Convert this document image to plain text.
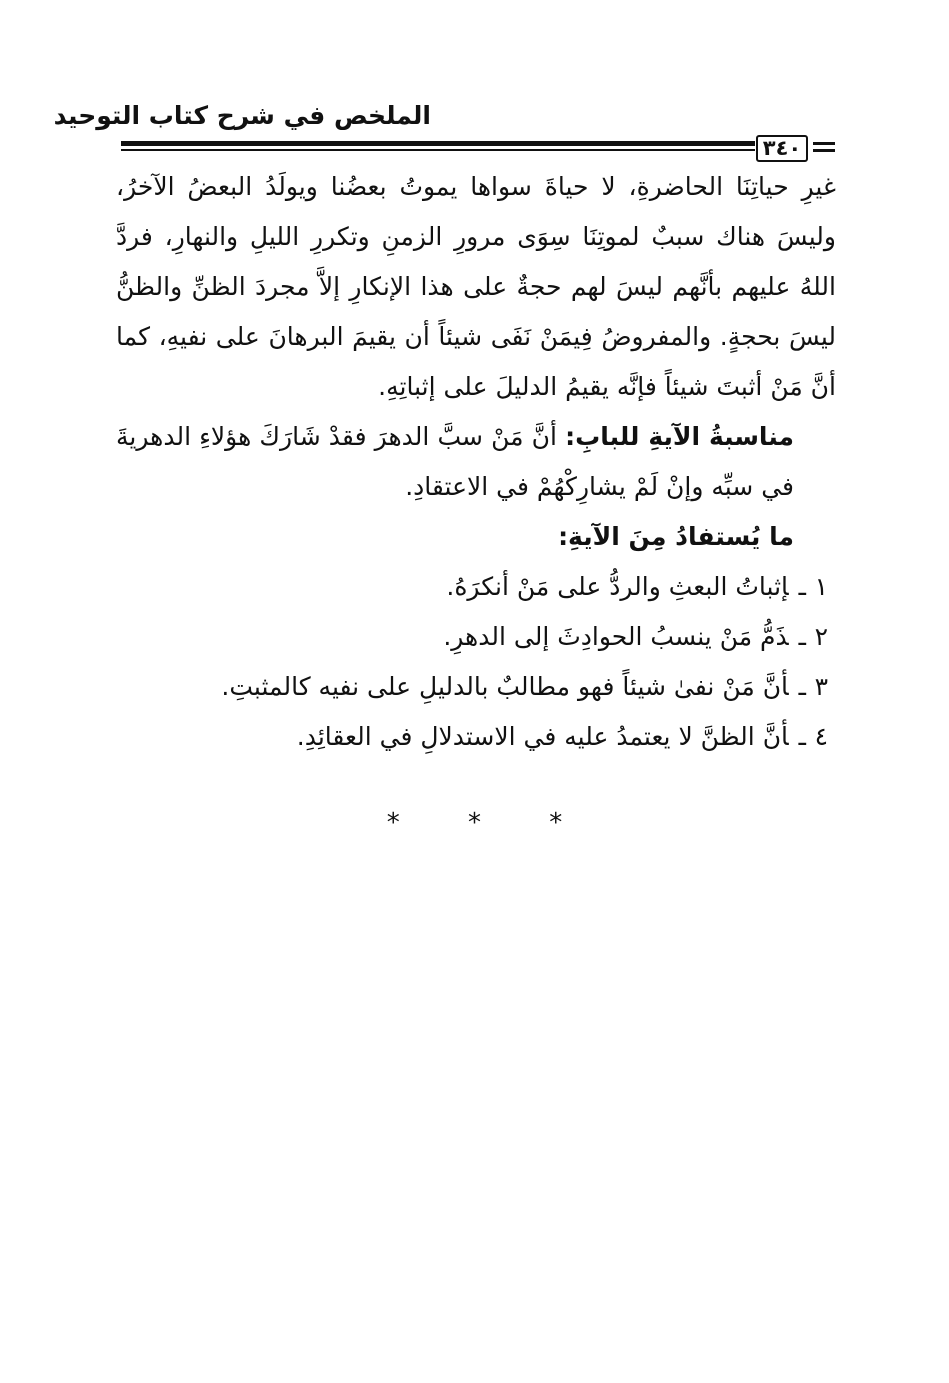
الملخص في شرح كتاب التوحيد
٣٤٠

غيرِ حياتِنَا الحاضرةِ، لا حياةَ سواها يموتُ بعضُنا ويولَدُ البعضُ الآخرُ، وليسَ هناك سببٌ لموتِنَا سِوَى مرورِ الزمنِ وتكررِ الليلِ والنهارِ، فردَّ اللهُ عليهم بأنَّهم ليسَ لهم حجةٌ على هذا الإنكارِ إلاَّ مجردَ الظنِّ والظنُّ ليسَ بحجةٍ. والمفروضُ فِيمَنْ نَفَى شيئاً أن يقيمَ البرهانَ على نفيهِ، كما أنَّ مَنْ أثبتَ شيئاً فإنَّه يقيمُ الدليلَ على إثباتِهِ.

مناسبةُ الآيةِ للبابِ: أنَّ مَنْ سبَّ الدهرَ فقدْ شَارَكَ هؤلاءِ الدهريةَ في سبِّه وإنْ لَمْ يشارِكْهُمْ في الاعتقادِ.

ما يُستفادُ مِنَ الآيةِ:

١ـإثباتُ البعثِ والردُّ على مَنْ أنكرَهُ.
٢ـذَمُّ مَنْ ينسبُ الحوادِثَ إلى الدهرِ.
٣ـأنَّ مَنْ نفىٰ شيئاً فهو مطالبٌ بالدليلِ على نفيه كالمثبتِ.
٤ـأنَّ الظنَّ لا يعتمدُ عليه في الاستدلالِ في العقائِدِ.
* * *
